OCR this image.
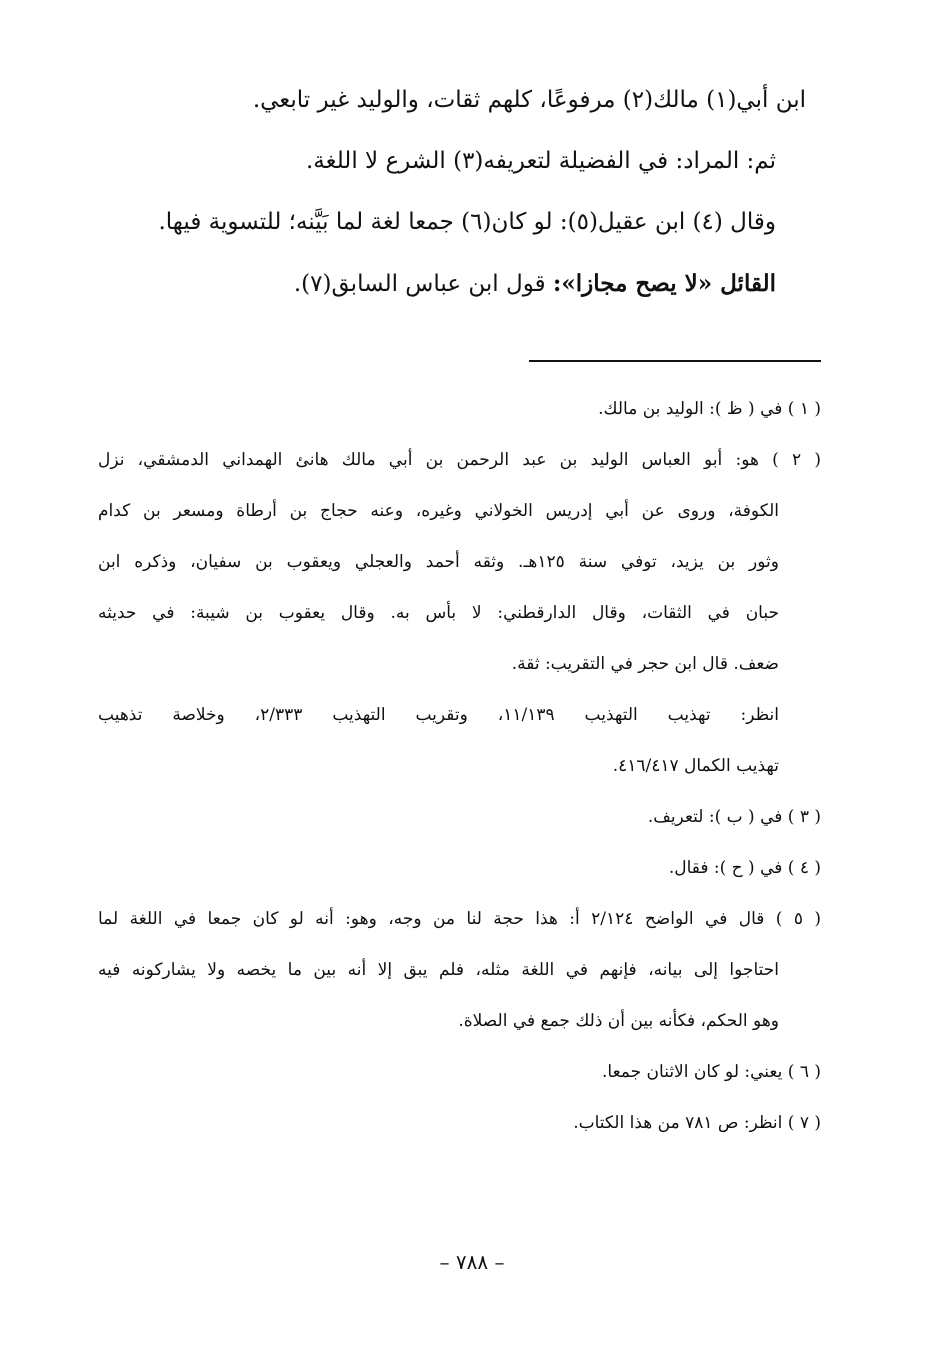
ابن أبي(١) مالك(٢) مرفوعًا، كلهم ثقات، والوليد غير تابعي.

ثم: المراد: في الفضيلة لتعريفه(٣) الشرع لا اللغة.

وقال (٤) ابن عقيل(٥): لو كان(٦) جمعا لغة لما بَيَّنه؛ للتسوية فيها.

القائل «لا يصح مجازا»: قول ابن عباس السابق(٧).

( ١ ) في ( ظ ): الوليد بن مالك.

( ٢ ) هو: أبو العباس الوليد بن عبد الرحمن بن أبي مالك هانئ الهمداني الدمشقي، نزل

الكوفة، وروى عن أبي إدريس الخولاني وغيره، وعنه حجاج بن أرطاة ومسعر بن كدام

وثور بن يزيد، توفي سنة ١٢٥هـ. وثقه أحمد والعجلي ويعقوب بن سفيان، وذكره ابن

حبان في الثقات، وقال الدارقطني: لا بأس به. وقال يعقوب بن شيبة: في حديثه

ضعف. قال ابن حجر في التقريب: ثقة.

انظر: تهذيب التهذيب ١١/١٣٩، وتقريب التهذيب ٢/٣٣٣، وخلاصة تذهيب

تهذيب الكمال ٤١٦/٤١٧.

( ٣ ) في ( ب ): لتعريف.

( ٤ ) في ( ح ): فقال.

( ٥ ) قال في الواضح ٢/١٢٤ أ: هذا حجة لنا من وجه، وهو: أنه لو كان جمعا في اللغة لما

احتاجوا إلى بيانه، فإنهم في اللغة مثله، فلم يبق إلا أنه بين ما يخصه ولا يشاركونه فيه

وهو الحكم، فكأنه بين أن ذلك جمع في الصلاة.

( ٦ ) يعني: لو كان الاثنان جمعا.

( ٧ ) انظر: ص ٧٨١ من هذا الكتاب.

– ٧٨٨ –
